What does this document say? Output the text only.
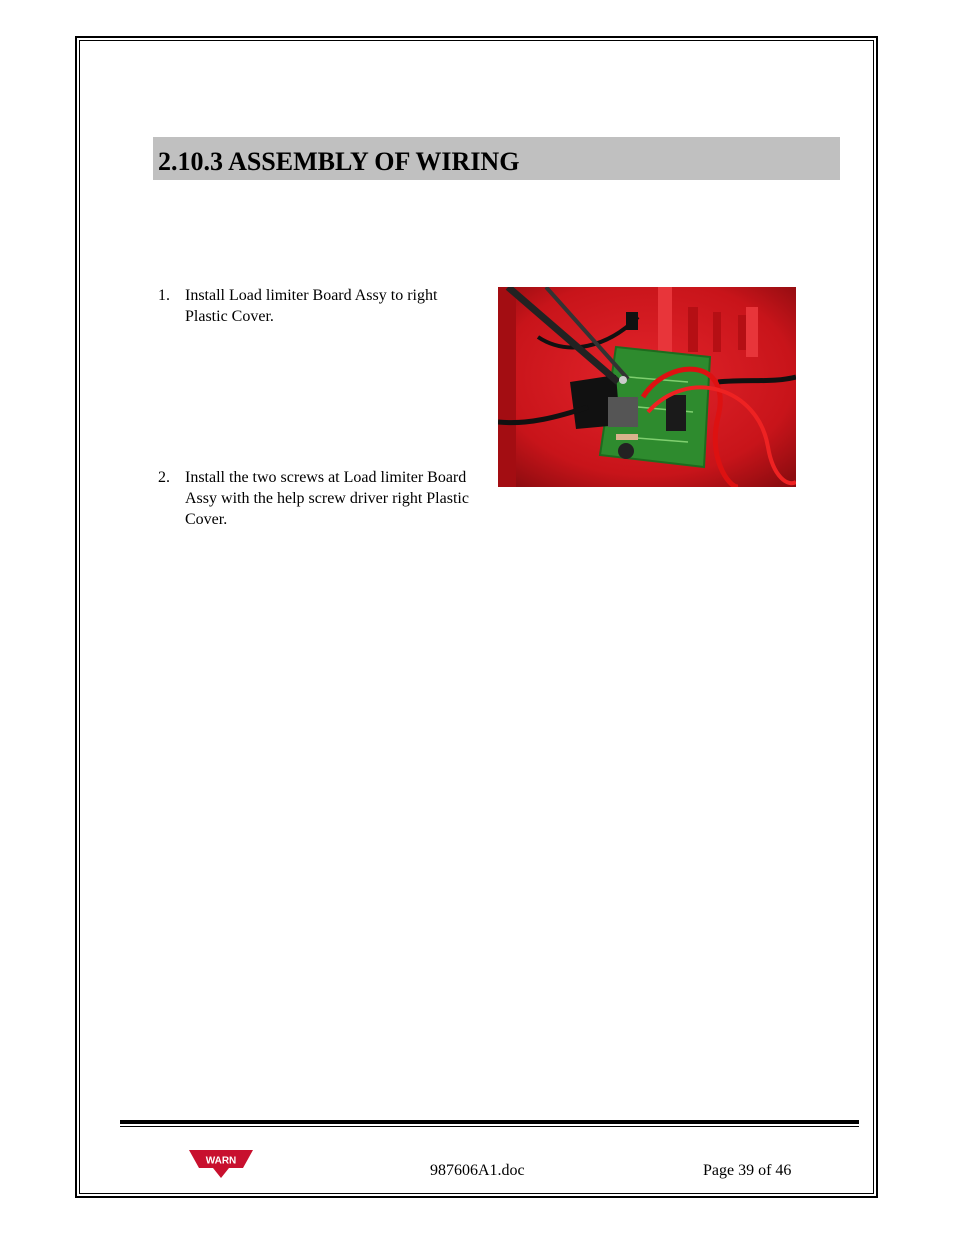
2.10.3 ASSEMBLY OF WIRING
1. Install Load limiter Board Assy to right Plastic Cover.
2. Install the two screws at Load limiter Board Assy with the help screw driver right Plastic Cover.
WARN
987606A1.doc	Page 39 of 46
